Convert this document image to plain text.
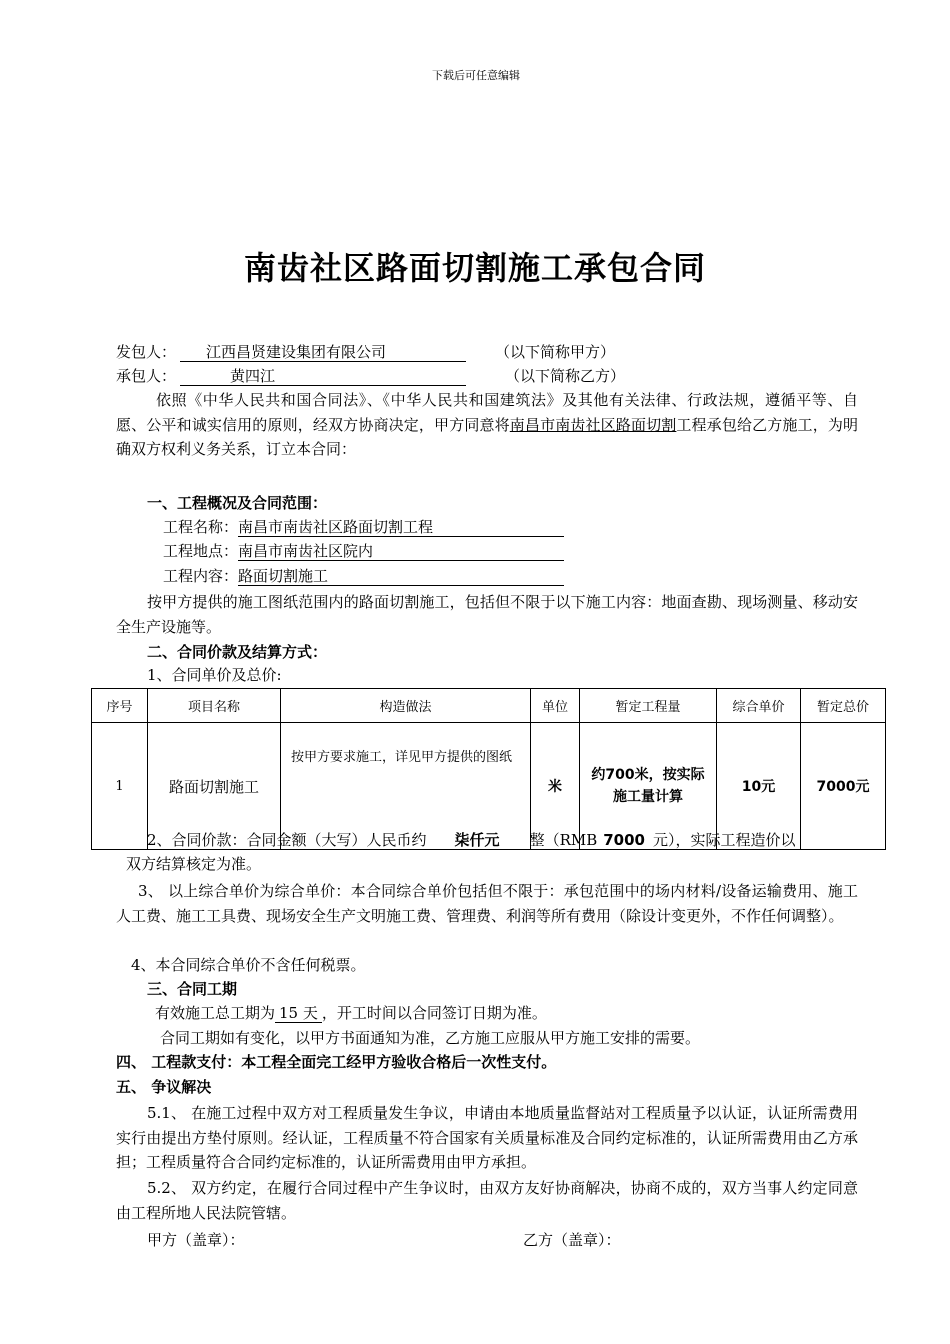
下载后可任意编辑
南齿社区路面切割施工承包合同
发包人：	江西昌贤建设集团有限公司	（以下简称甲方）
承包人：	黄四江	（以下简称乙方）
依照《中华人民共和国合同法》、《中华人民共和国建筑法》及其他有关法律、行政法规，遵循平等、自愿、公平和诚实信用的原则，经双方协商决定，甲方同意将南昌市南齿社区路面切割工程承包给乙方施工，为明确双方权利义务关系，订立本合同：
一、工程概况及合同范围：
工程名称：南昌市南齿社区路面切割工程
工程地点：南昌市南齿社区院内
工程内容：路面切割施工
按甲方提供的施工图纸范围内的路面切割施工，包括但不限于以下施工内容：地面查勘、现场测量、移动安全生产设施等。
二、合同价款及结算方式：
1、合同单价及总价:
序号	项目名称	构造做法	单位	暂定工程量	综合单价	暂定总价
1	路面切割施工	按甲方要求施工，详见甲方提供的图纸	米	约700米，按实际施工量计算	10元	7000元
2、合同价款：合同金额（大写）人民币约 柒仟元 整（RMB 7000 元），实际工程造价以
双方结算核定为准。
3、 以上综合单价为综合单价：本合同综合单价包括但不限于：承包范围中的场内材料/设备运输费用、施工人工费、施工工具费、现场安全生产文明施工费、管理费、利润等所有费用（除设计变更外，不作任何调整）。
4、本合同综合单价不含任何税票。
三、合同工期
有效施工总工期为 15 天 ，开工时间以合同签订日期为准。
合同工期如有变化，以甲方书面通知为准，乙方施工应服从甲方施工安排的需要。
四、 工程款支付：本工程全面完工经甲方验收合格后一次性支付。
五、 争议解决
5.1、 在施工过程中双方对工程质量发生争议，申请由本地质量监督站对工程质量予以认证，认证所需费用实行由提出方垫付原则。经认证，工程质量不符合国家有关质量标准及合同约定标准的，认证所需费用由乙方承担；工程质量符合合同约定标准的，认证所需费用由甲方承担。
5.2、 双方约定，在履行合同过程中产生争议时，由双方友好协商解决，协商不成的，双方当事人约定同意由工程所地人民法院管辖。
甲方（盖章）：	乙方（盖章）：
